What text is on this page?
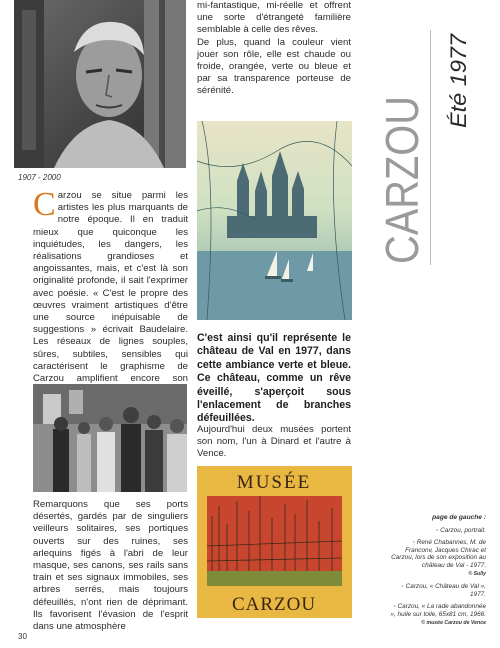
1907 - 2000
Carzou se situe parmi les artistes les plus marquants de notre époque. Il en traduit mieux que quiconque les inquiétudes, les dangers, les réalisations grandioses et angoissantes, mais, et c'est là son originalité profonde, il sait l'exprimer avec poésie. « C'est le propre des œuvres vraiment artistiques d'être une source inépuisable de suggestions » écrivait Baudelaire. Les réseaux de lignes souples, sûres, subtiles, sensibles qui caractérisent le graphisme de Carzou amplifient encore son
Remarquons que ses ports désertés, gardés par de singuliers veilleurs solitaires, ses portiques ouverts sur des ruines, ses arlequins figés à l'abri de leur masque, ses canons, ses rails sans train et ses signaux immobiles, ses arbres serrés, mais toujours défeuillés, n'ont rien de déprimant. Ils favorisent l'évasion de l'esprit dans une atmosphère
mi-fantastique, mi-réelle et offrent une sorte d'étrangeté familière semblable à celle des rêves.
De plus, quand la couleur vient jouer son rôle, elle est chaude ou froide, orangée, verte ou bleue et par sa transparence porteuse de sérénité.
C'est ainsi qu'il représente le château de Val en 1977, dans cette ambiance verte et bleue. Ce château, comme un rêve éveillé, s'aperçoit sous l'enlacement de branches défeuillées.
Aujourd'hui deux musées portent son nom, l'un à Dinard et l'autre à Vence.
MUSÉE
CARZOU
CARZOU Été 1977

page de gauche :

◦ Carzou, portrait.

◦ René Chabannes, M. de Franconv, Jacques Chirac et Carzou, lors de son exposition au château de Val - 1977.
© Sully

◦ Carzou, « Château de Val », 1977.

◦ Carzou, « La rade abandonnée », huile sur toile, 65x81 cm, 1966.
© musée Carzou de Vence

30
